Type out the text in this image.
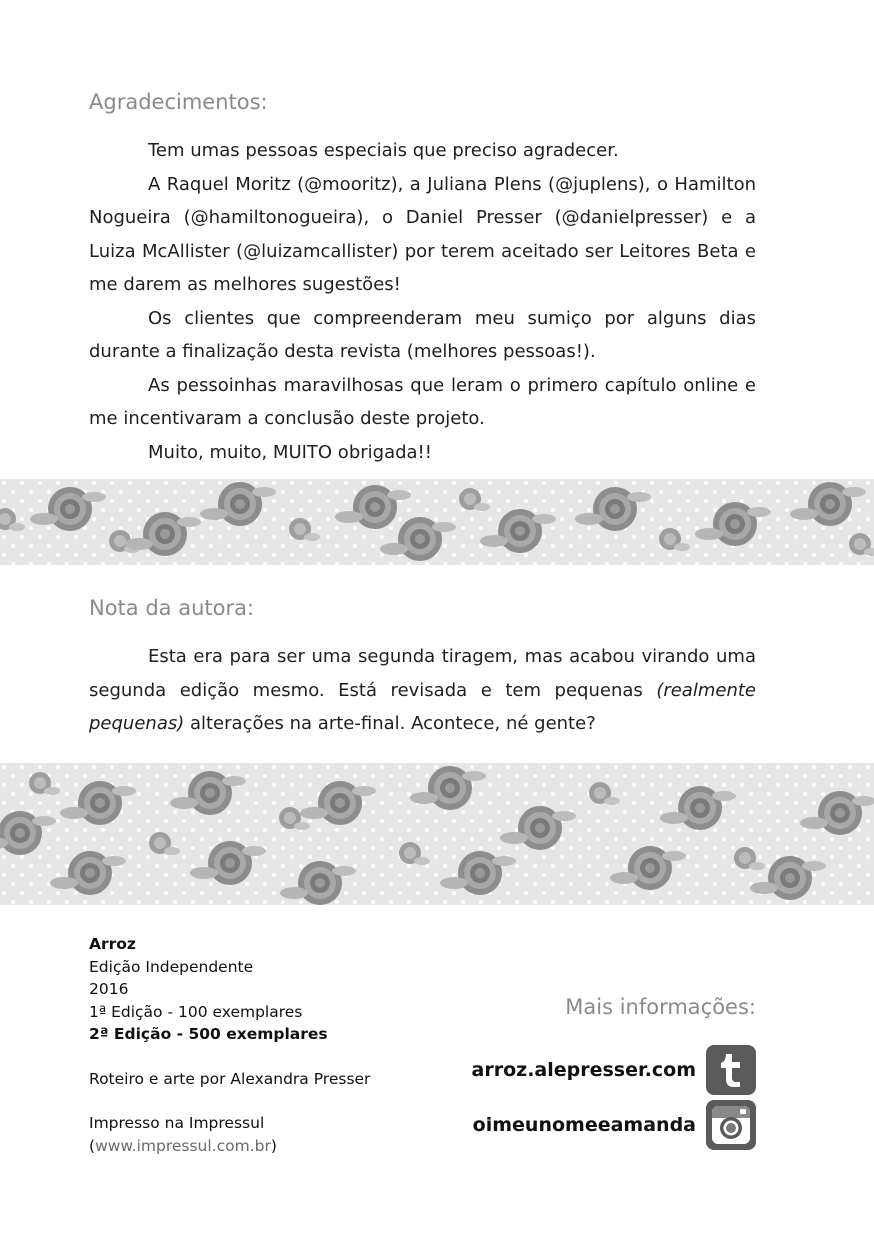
Agradecimentos:

Tem umas pessoas especiais que preciso agradecer.

A Raquel Moritz (@mooritz), a Juliana Plens (@juplens), o Hamilton Nogueira (@hamiltonogueira), o Daniel Presser (@danielpresser) e a Luiza McAllister (@luizamcallister) por terem aceitado ser Leitores Beta e me darem as melhores sugestões!

Os clientes que compreenderam meu sumiço por alguns dias durante a finalização desta revista (melhores pessoas!).

As pessoinhas maravilhosas que leram o primero capítulo online e me incentivaram a conclusão deste projeto.

Muito, muito, MUITO obrigada!!

Nota da autora:

Esta era para ser uma segunda tiragem, mas acabou virando uma segunda edição mesmo. Está revisada e tem pequenas (realmente pequenas) alterações na arte-final. Acontece, né gente?

Arroz
Edição Independente
2016
1ª Edição - 100 exemplares
2ª Edição - 500 exemplares
Roteiro e arte por Alexandra Presser
Impresso na Impressul
(www.impressul.com.br)
Mais informações:
arroz.alepresser.com
oimeunomeeamanda
